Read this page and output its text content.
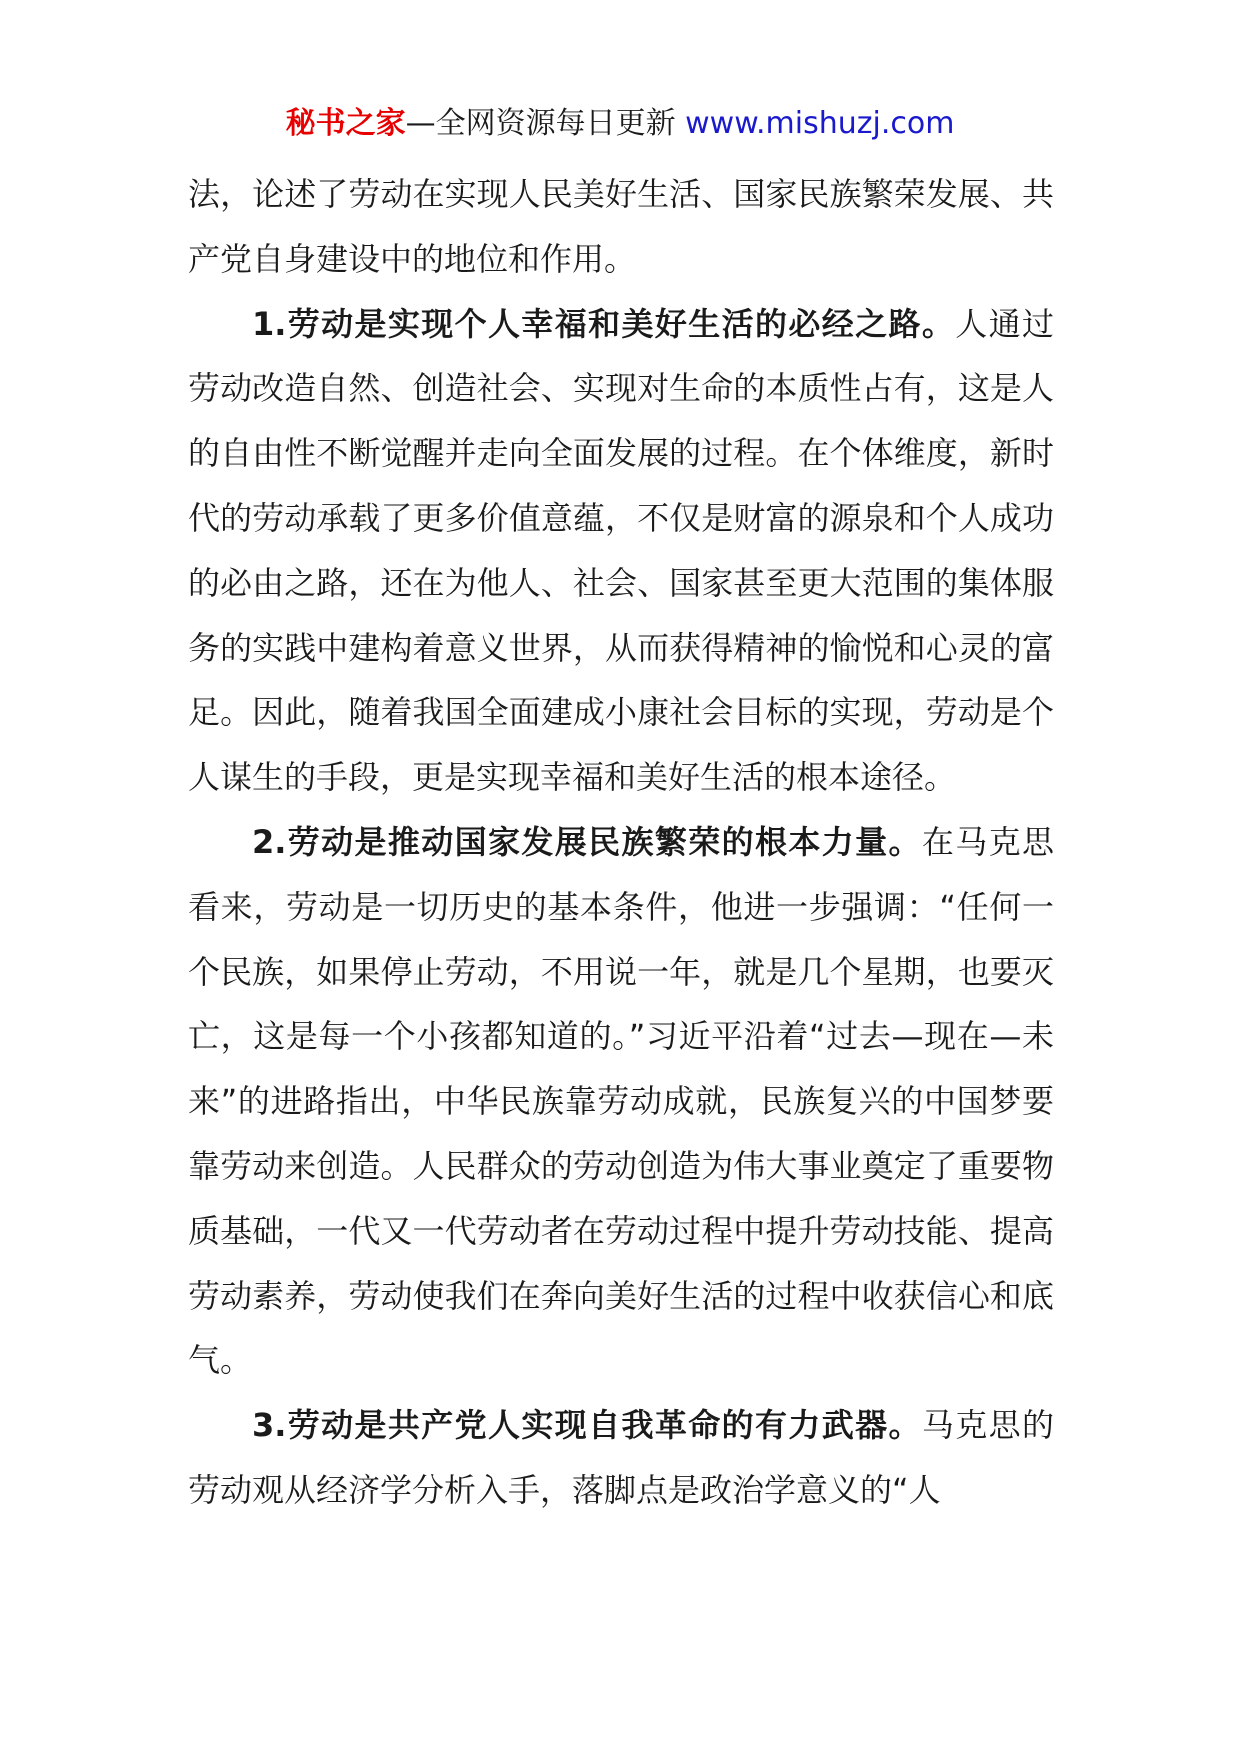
秘书之家—全网资源每日更新 www.mishuzj.com

法，论述了劳动在实现人民美好生活、国家民族繁荣发展、共产党自身建设中的地位和作用。

1.劳动是实现个人幸福和美好生活的必经之路。人通过劳动改造自然、创造社会、实现对生命的本质性占有，这是人的自由性不断觉醒并走向全面发展的过程。在个体维度，新时代的劳动承载了更多价值意蕴，不仅是财富的源泉和个人成功的必由之路，还在为他人、社会、国家甚至更大范围的集体服务的实践中建构着意义世界，从而获得精神的愉悦和心灵的富足。因此，随着我国全面建成小康社会目标的实现，劳动是个人谋生的手段，更是实现幸福和美好生活的根本途径。

2.劳动是推动国家发展民族繁荣的根本力量。在马克思看来，劳动是一切历史的基本条件，他进一步强调：“任何一个民族，如果停止劳动，不用说一年，就是几个星期，也要灭亡，这是每一个小孩都知道的。”习近平沿着“过去—现在—未来”的进路指出，中华民族靠劳动成就，民族复兴的中国梦要靠劳动来创造。人民群众的劳动创造为伟大事业奠定了重要物质基础，一代又一代劳动者在劳动过程中提升劳动技能、提高劳动素养，劳动使我们在奔向美好生活的过程中收获信心和底气。

3.劳动是共产党人实现自我革命的有力武器。马克思的劳动观从经济学分析入手，落脚点是政治学意义的“人
